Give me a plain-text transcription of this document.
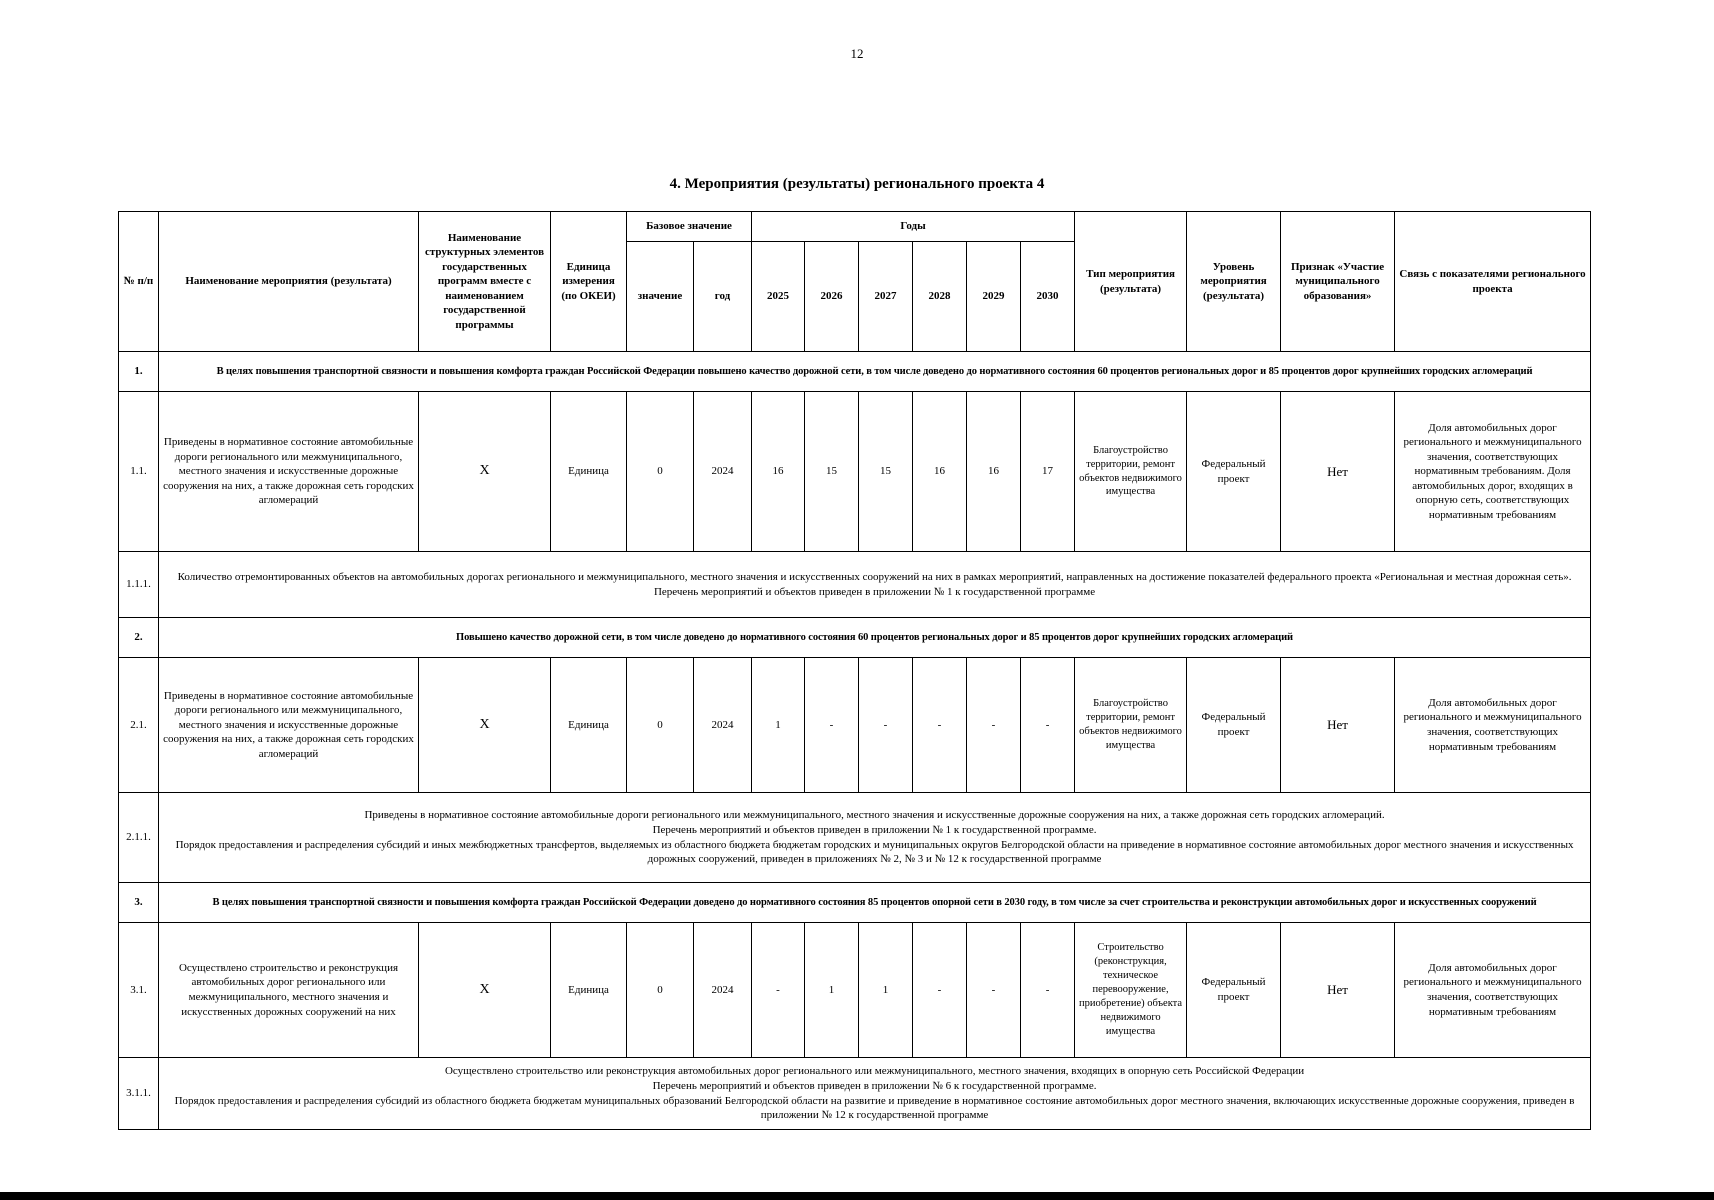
12
4. Мероприятия (результаты) регионального проекта 4
№ п/п	Наименование мероприятия (результата)	Наименование структурных элементов государственных программ вместе с наименованием государственной программы	Единица измерения (по ОКЕИ)	Базовое значение		Годы						Тип мероприятия (результата)	Уровень мероприятия (результата)	Признак «Участие муниципального образования»	Связь с показателями регионального проекта
				значение	год	2025	2026	2027	2028	2029	2030				
1.	В целях повышения транспортной связности и повышения комфорта граждан Российской Федерации повышено качество дорожной сети, в том числе доведено до нормативного состояния 60 процентов региональных дорог и 85 процентов дорог крупнейших городских агломераций														
1.1.	Приведены в нормативное состояние автомобильные дороги регионального или межмуниципального, местного значения и искусственные дорожные сооружения на них, а также дорожная сеть городских агломераций	Х	Единица	0	2024	16	15	15	16	16	17	Благоустройство территории, ремонт объектов недвижимого имущества	Федеральный проект	Нет	Доля автомобильных дорог регионального и межмуниципального значения, соответствующих нормативным требованиям. Доля автомобильных дорог, входящих в опорную сеть, соответствующих нормативным требованиям
1.1.1.	Количество отремонтированных объектов на автомобильных дорогах регионального и межмуниципального, местного значения и искусственных сооружений на них в рамках мероприятий, направленных на достижение показателей федерального проекта «Региональная и местная дорожная сеть».
Перечень мероприятий и объектов приведен в приложении № 1 к государственной программе														

2.	Повышено качество дорожной сети, в том числе доведено до нормативного состояния 60 процентов региональных дорог и 85 процентов дорог крупнейших городских агломераций														
2.1.	Приведены в нормативное состояние автомобильные дороги регионального или межмуниципального, местного значения и искусственные дорожные сооружения на них, а также дорожная сеть городских агломераций	Х	Единица	0	2024	1	-	-	-	-	-	Благоустройство территории, ремонт объектов недвижимого имущества	Федеральный проект	Нет	Доля автомобильных дорог регионального и межмуниципального значения, соответствующих нормативным требованиям
2.1.1.	Приведены в нормативное состояние автомобильные дороги регионального или межмуниципального, местного значения и искусственные дорожные сооружения на них, а также дорожная сеть городских агломераций.
Перечень мероприятий и объектов приведен в приложении № 1 к государственной программе.
Порядок предоставления и распределения субсидий и иных межбюджетных трансфертов, выделяемых из областного бюджета бюджетам городских и муниципальных округов Белгородской области на приведение в нормативное состояние автомобильных дорог местного значения и искусственных дорожных сооружений, приведен в приложениях № 2, № 3 и № 12 к государственной программе														

3.	В целях повышения транспортной связности и повышения комфорта граждан Российской Федерации доведено до нормативного состояния 85 процентов опорной сети в 2030 году, в том числе за счет строительства и реконструкции автомобильных дорог и искусственных сооружений														
3.1.	Осуществлено строительство и реконструкция автомобильных дорог регионального или межмуниципального, местного значения и искусственных дорожных сооружений на них	Х	Единица	0	2024	-	1	1	-	-	-	Строительство (реконструкция, техническое перевооружение, приобретение) объекта недвижимого имущества	Федеральный проект	Нет	Доля автомобильных дорог регионального и межмуниципального значения, соответствующих нормативным требованиям
3.1.1.	Осуществлено строительство или реконструкция автомобильных дорог регионального или межмуниципального, местного значения, входящих в опорную сеть Российской Федерации
Перечень мероприятий и объектов приведен в приложении № 6 к государственной программе.
Порядок предоставления и распределения субсидий из областного бюджета бюджетам муниципальных образований Белгородской области на развитие и приведение в нормативное состояние автомобильных дорог местного значения, включающих искусственные дорожные сооружения, приведен в приложении № 12 к государственной программе														
